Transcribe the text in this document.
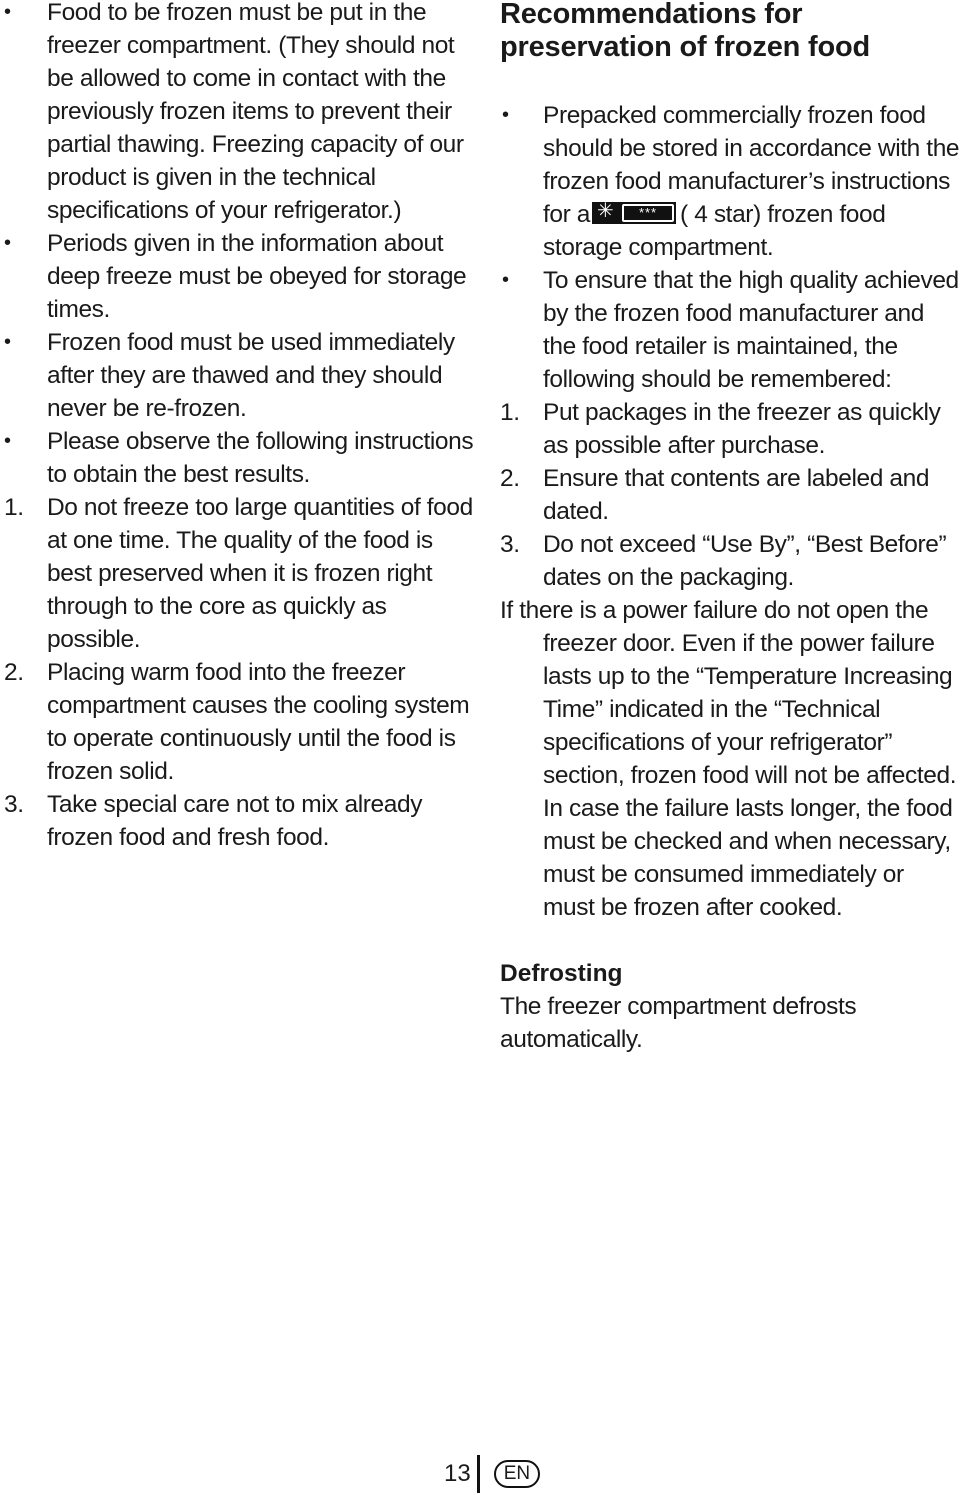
•	Food to be frozen must be put in the freezer compartment. (They should not be allowed to come in contact with the previously frozen items to prevent their partial thawing. Freezing capacity of our product is given in the technical specifications of your refrigerator.)
•	Periods given in the information about deep freeze must be obeyed for storage times.
•	Frozen food must be used immediately after they are thawed and they should never be re-frozen.
•	Please observe the following instructions to obtain the best results.
1. Do not freeze too large quantities of food at one time. The quality of the food is best preserved when it is frozen right through to the core as quickly as possible.
2. Placing warm food into the freezer compartment causes the cooling system to operate continuously until the food is frozen solid.
3. Take special care not to mix already frozen food and fresh food.
Recommendations for
preservation of frozen food
•	Prepacked commercially frozen food should be stored in accordance with the frozen food manufacturer’s instructions for a ✳	*** ( 4 star) frozen food storage compartment.
•	To ensure that the high quality achieved by the frozen food manufacturer and the food retailer is maintained, the following should be remembered:
1. Put packages in the freezer as quickly as possible after purchase.
2. Ensure that contents are labeled and dated.
3. Do not exceed “Use By”, “Best Before” dates on the packaging.
If there is a power failure do not open the freezer door. Even if the power failure lasts up to the “Temperature Increasing Time” indicated in the “Technical specifications of your refrigerator” section, frozen food will not be affected. In case the failure lasts longer, the food must be checked and when necessary, must be consumed immediately or must be frozen after cooked.
Defrosting
The freezer compartment defrosts automatically.
13	EN
